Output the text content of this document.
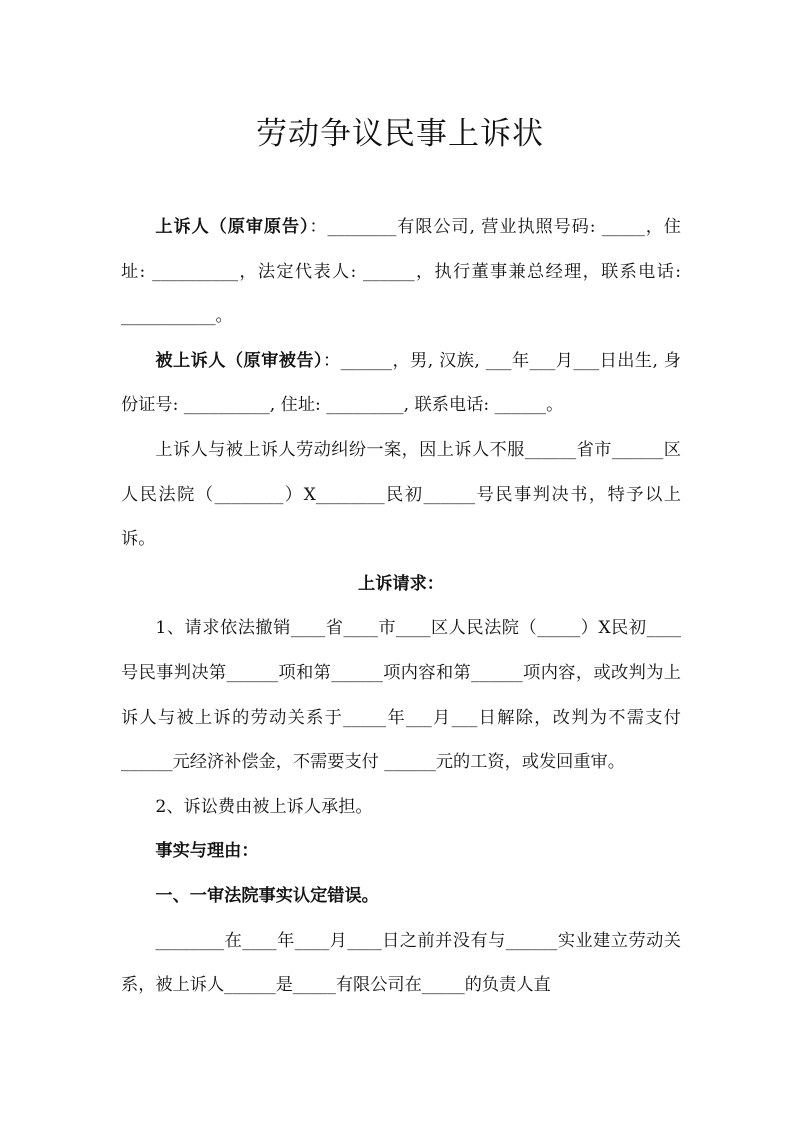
劳动争议民事上诉状

上诉人（原审原告）：________有限公司, 营业执照号码: _____，住址: __________，法定代表人: ______，执行董事兼总经理，联系电话: ___________。

被上诉人（原审被告）：______，男, 汉族, ___年___月___日出生, 身份证号: __________, 住址: _________, 联系电话: ______。

上诉人与被上诉人劳动纠纷一案，因上诉人不服______省市______区人民法院（________）X________民初______号民事判决书，特予以上诉。

上诉请求：

1、请求依法撤销____省____市____区人民法院（_____）X民初____号民事判决第______项和第______项内容和第______项内容，或改判为上诉人与被上诉的劳动关系于_____年___月___日解除，改判为不需支付 ______元经济补偿金，不需要支付 ______元的工资，或发回重审。

2、诉讼费由被上诉人承担。

事实与理由：

一、一审法院事实认定错误。

________在____年____月____日之前并没有与______实业建立劳动关系，被上诉人______是_____有限公司在_____的负责人直
